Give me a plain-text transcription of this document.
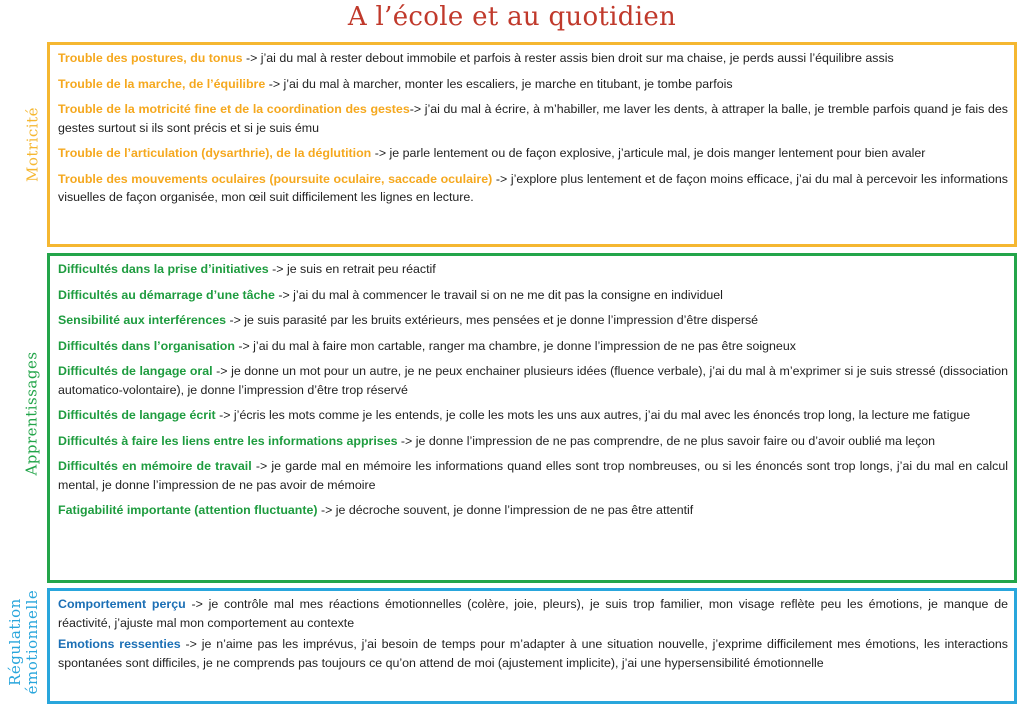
A l’école et au quotidien
Motricité
Apprentissages
Régulation émotionnelle
Trouble des postures, du tonus -> j’ai du mal à rester debout immobile et parfois à rester assis bien droit sur ma chaise, je perds aussi l’équilibre assis
Trouble de la marche, de l’équilibre -> j’ai du mal à marcher, monter les escaliers, je marche en titubant, je tombe parfois
Trouble de la motricité fine et de la coordination des gestes-> j’ai du mal à écrire, à m’habiller, me laver les dents, à attraper la balle, je tremble parfois quand je fais des gestes surtout si ils sont précis et si je suis ému
Trouble de l’articulation (dysarthrie), de la déglutition -> je parle lentement ou de façon explosive, j’articule mal, je dois manger lentement pour bien avaler
Trouble des mouvements oculaires (poursuite oculaire, saccade oculaire) -> j’explore plus lentement et de façon moins efficace, j’ai du mal à percevoir les informations visuelles de façon organisée, mon œil suit difficilement les lignes en lecture.
Difficultés dans la prise d’initiatives -> je suis en retrait peu réactif
Difficultés au démarrage d’une tâche -> j’ai du mal à commencer le travail si on ne me dit pas la consigne en individuel
Sensibilité aux interférences -> je suis parasité par les bruits extérieurs, mes pensées et je donne l’impression d’être dispersé
Difficultés dans l’organisation -> j’ai du mal à faire mon cartable, ranger ma chambre, je donne l’impression de ne pas être soigneux
Difficultés de langage oral -> je donne un mot pour un autre, je ne peux enchainer plusieurs idées (fluence verbale), j’ai du mal à m’exprimer si je suis stressé (dissociation automatico-volontaire), je donne l’impression d’être trop réservé
Difficultés de langage écrit -> j’écris les mots comme je les entends, je colle les mots les uns aux autres, j’ai du mal avec les énoncés trop long, la lecture me fatigue
Difficultés à faire les liens entre les informations apprises -> je donne l’impression de ne pas comprendre, de ne plus savoir faire ou d’avoir oublié ma leçon
Difficultés en mémoire de travail -> je garde mal en mémoire les informations quand elles sont trop nombreuses, ou si les énoncés sont trop longs, j’ai du mal en calcul mental, je donne l’impression de ne pas avoir de mémoire
Fatigabilité importante (attention fluctuante) -> je décroche souvent, je donne l’impression de ne pas être attentif
Comportement perçu -> je contrôle mal mes réactions émotionnelles (colère, joie, pleurs), je suis trop familier, mon visage reflète peu les émotions, je manque de réactivité, j’ajuste mal mon comportement au contexte
Emotions ressenties -> je n’aime pas les imprévus, j’ai besoin de temps pour m’adapter à une situation nouvelle, j’exprime difficilement mes émotions, les interactions spontanées sont difficiles, je ne comprends pas toujours ce qu’on attend de moi (ajustement implicite), j’ai une hypersensibilité émotionnelle
